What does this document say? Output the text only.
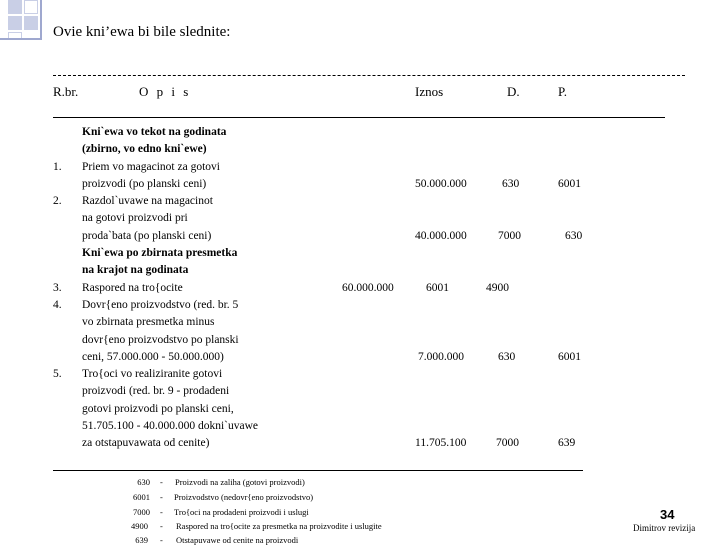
Ovie kni’ewa bi bile slednite:
R.br.	O p i s	Iznos	D.	P.
Kni`ewa vo tekot na godinata
(zbirno, vo edno kni`ewe)
1. Priem vo magacinot za gotovi
proizvodi (po planski ceni)	50.000.000	630	6001
2. Razdol`uvawe na magacinot
na gotovi proizvodi pri
proda`bata (po planski ceni)	40.000.000	7000	630
Kni`ewa po zbirnata presmetka
na krajot na godinata
3. Raspored na tro{ocite	60.000.000	6001	4900
4. Dovr{eno proizvodstvo (red. br. 5
vo zbirnata presmetka minus
dovr{eno proizvodstvo po planski
ceni, 57.000.000 - 50.000.000)	7.000.000	630	6001
5. Tro{oci vo realiziranite gotovi
proizvodi (red. br. 9 - prodadeni
gotovi proizvodi po planski ceni,
51.705.100 - 40.000.000 dokni`uvawe
za otstapuvawata od cenite)	11.705.100	7000	639
630 - Proizvodi na zaliha (gotovi proizvodi)
6001 - Proizvodstvo (nedovr{eno proizvodstvo)
7000 - Tro{oci na prodadeni proizvodi i uslugi
4900 - Raspored na tro{ocite za presmetka na proizvodite i uslugite
639 - Otstapuvawe od cenite na proizvodi
34
Dimitrov revizija
